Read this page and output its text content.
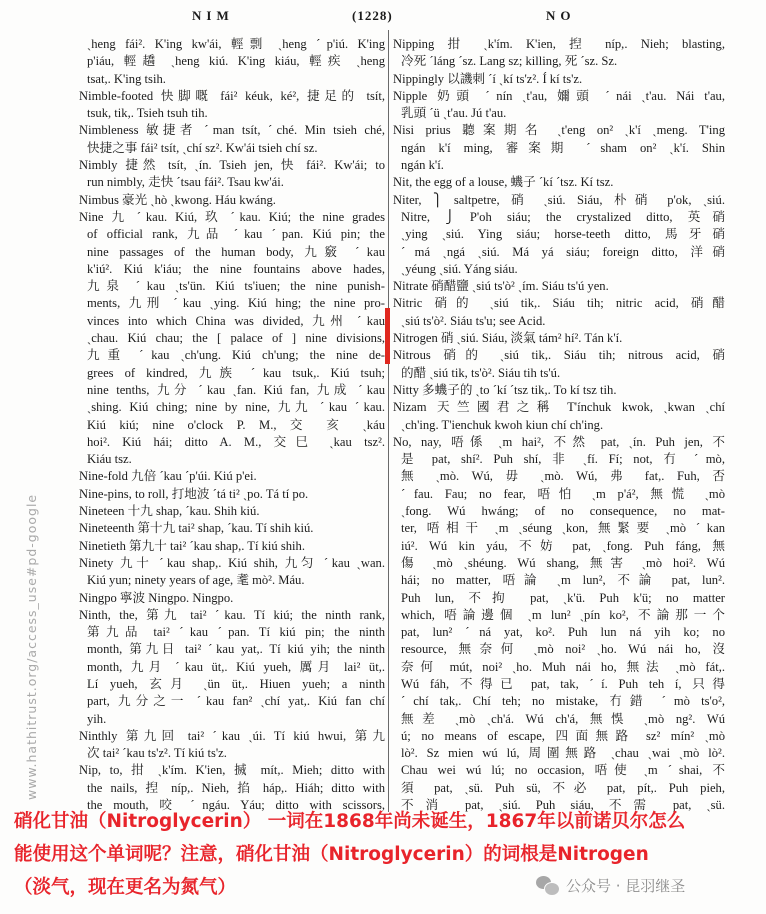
NIM	(1228)	NO
www.hathitrust.org/access_use#pd-google
ˏheng fái². K'ing kw'ái, 輕剽 ˏheng ˊp'iú. K'ing
p'iáu, 輕趫 ˏheng kiú. K'ing kiáu, 輕疾 ˏheng
tsat,. K'ing tsih.
Nimble-footed 快脚嘅 fái² kéuk, ké², 捷足的 tsít,
tsuk, tik,. Tsieh tsuh tih.
Nimbleness 敏捷者 ˊman tsít, ˊché. Min tsieh ché,
快捷之事 fái² tsít, ˏchí sz². Kw'ái tsieh chí sz.
Nimbly 捷然 tsít, ˏín. Tsieh jen, 快 fái². Kw'ái; to
run nimbly, 走快 ˊtsau fái². Tsau kw'ái.
Nimbus 豪光 ˏhò ˏkwong. Háu kwáng.
Nine 九 ˊkau. Kiú, 玖 ˊkau. Kiú; the nine grades
of official rank, 九品 ˊkau ˊpan. Kiú pin; the
nine passages of the human body, 九竅 ˊkau
k'iú². Kiú k'iáu; the nine fountains above hades,
九泉 ˊkau ˏts'ün. Kiú ts'iuen; the nine punish-
ments, 九刑 ˊkau ˏying. Kiú hing; the nine pro-
vinces into which China was divided, 九州 ˊkau
ˏchau. Kiú chau; the [ palace of ] nine divisions,
九重 ˊkau ˏch'ung. Kiú ch'ung; the nine de-
grees of kindred, 九族 ˊkau tsuk,. Kiú tsuh;
nine tenths, 九分 ˊkau ˏfan. Kiú fan, 九成 ˊkau
ˏshing. Kiú ching; nine by nine, 九九 ˊkau ˊkau.
Kiú kiú; nine o'clock P. M., 交 亥 ˏkáu
hoi². Kiú hái; ditto A. M., 交巳 ˏkau tsz².
Kiáu tsz.
Nine-fold 九倍 ˊkau ˊp'úi. Kiú p'ei.
Nine-pins, to roll, 打地波 ˊtá ti² ˏpo. Tá tí po.
Nineteen 十九 shap, ˊkau. Shih kiú.
Nineteenth 第十九 tai² shap, ˊkau. Tí shih kiú.
Ninetieth 第九十 tai² ˊkau shap,. Tí kiú shih.
Ninety 九十 ˊkau shap,. Kiú shih, 九匀 ˊkau ˏwan.
Kiú yun; ninety years of age, 耄 mò². Máu.
Ningpo 寧波 Ningpo. Ningpo.
Ninth, the, 第九 tai² ˊkau. Tí kiú; the ninth rank,
第九品 tai² ˊkau ˊpan. Tí kiú pin; the ninth
month, 第九日 tai² ˊkau yat,. Tí kiú yih; the ninth
month, 九月 ˊkau üt,. Kiú yueh, 厲月 lai² üt,.
Lí yueh, 玄月 ˏün üt,. Hiuen yueh; a ninth
part, 九分之一 ˊkau fan² ˏchí yat,. Kiú fan chí
yih.
Ninthly 第九回 tai² ˊkau ˏúi. Tí kiú hwui, 第九
次 tai² ˊkau ts'z². Tí kiú ts'z.
Nip, to, 拑 ˏk'ím. K'ien, 搣 mít,. Mieh; ditto with
the nails, 揑 níp,. Nieh, 掐 háp,. Hiáh; ditto with
the mouth, 咬 ˊngáu. Yáu; ditto with scissors,
Nipping 拑 ˏk'ím. K'ien, 揑 níp,. Nieh; blasting,
冷死 ˊláng ˊsz. Lang sz; killing, 死 ˊsz. Sz.
Nippingly 以譏刺 ˊí ˏkí ts'z². Í kí ts'z.
Nipple 奶頭 ˊnín ˏt'au, 嬭頭 ˊnái ˏt'au. Nái t'au,
乳頭 ˊü ˏt'au. Jú t'au.
Nisi prius 聽案期名 ˏt'eng on² ˏk'í ˏmeng. T'ing
ngán k'í ming, 審案期 ˊsham on² ˏk'í. Shin
ngán k'í.
Nit, the egg of a louse, 蟣子 ˊkí ˊtsz. Kí tsz.
Niter, ⎫ saltpetre, 硝 ˏsiú. Siáu, 朴硝 p'ok, ˏsiú.
Nitre, ⎭ P'oh siáu; the crystalized ditto, 英硝
ˏying ˏsiú. Ying siáu; horse-teeth ditto, 馬牙硝
ˊmá ˏngá ˏsiú. Má yá siáu; foreign ditto, 洋硝
ˏyéung ˏsiú. Yáng siáu.
Nitrate 硝醋鹽 ˏsiú ts'ò² ˏím. Siáu ts'ú yen.
Nitric 硝的 ˏsiú tik,. Siáu tih; nitric acid, 硝醋
ˏsiú ts'ò². Siáu ts'u; see Acid.
Nitrogen 硝 ˏsiú. Siáu, 淡氣 tám² hí². Tán k'í.
Nitrous 硝的 ˏsiú tik,. Siáu tih; nitrous acid, 硝
的醋 ˏsiú tik, ts'ò². Siáu tih ts'ú.
Nitty 多蟣子的 ˏto ˊkí ˊtsz tik,. To kí tsz tih.
Nizam 天竺國君之稱 T'ínchuk kwok, ˏkwan ˏchí
ˏch'ing. T'ienchuk kwoh kiun chí ch'ing.
No, nay, 唔係 ˏm hai², 不然 pat, ˏín. Puh jen, 不
是 pat, shí². Puh shí, 非 ˏfí. Fí; not, 冇 ˊmò,
無 ˏmò. Wú, 毋 ˏmò. Wú, 弗 fat,. Fuh, 否
ˊfau. Fau; no fear, 唔怕 ˏm p'á², 無慌 ˏmò
ˏfong. Wú hwáng; of no consequence, no mat-
ter, 唔相干 ˏm ˏséung ˏkon, 無緊要 ˏmò ˊkan
iú². Wú kin yáu, 不妨 pat, ˏfong. Puh fáng, 無
傷 ˏmò ˏshéung. Wú shang, 無害 ˏmò hoi². Wú
hái; no matter, 唔論 ˏm lun², 不論 pat, lun².
Puh lun, 不拘 pat, ˏk'ü. Puh k'ü; no matter
which, 唔論邊個 ˏm lun² ˏpín ko², 不論那一个
pat, lun² ˊná yat, ko². Puh lun ná yih ko; no
resource, 無奈何 ˏmò noi² ˏho. Wú nái ho, 沒
奈何 mút, noi² ˏho. Muh nái ho, 無法 ˏmò fát,.
Wú fáh, 不得已 pat, tak, ˊí. Puh teh í, 只得
ˊchí tak,. Chí teh; no mistake, 冇錯 ˊmò ts'o²,
無差 ˏmò ˏch'á. Wú ch'á, 無悞 ˏmò ng². Wú
ú; no means of escape, 四面無路 sz² mín² ˏmò
lò². Sz mien wú lú, 周圍無路 ˏchau ˏwai ˏmò lò².
Chau wei wú lú; no occasion, 唔使 ˏm ˊshai, 不
須 pat, ˏsü. Puh sü, 不必 pat, pít,. Puh pieh,
不消 pat, ˏsiú. Puh siáu, 不需 pat, ˏsü.
硝化甘油（Nitroglycerin） 一词在1868年尚未诞生，1867年以前诺贝尔怎么
能使用这个单词呢？注意，硝化甘油（Nitroglycerin）的词根是Nitrogen
（淡气，现在更名为氮气）	公众号 · 昆羽继圣
